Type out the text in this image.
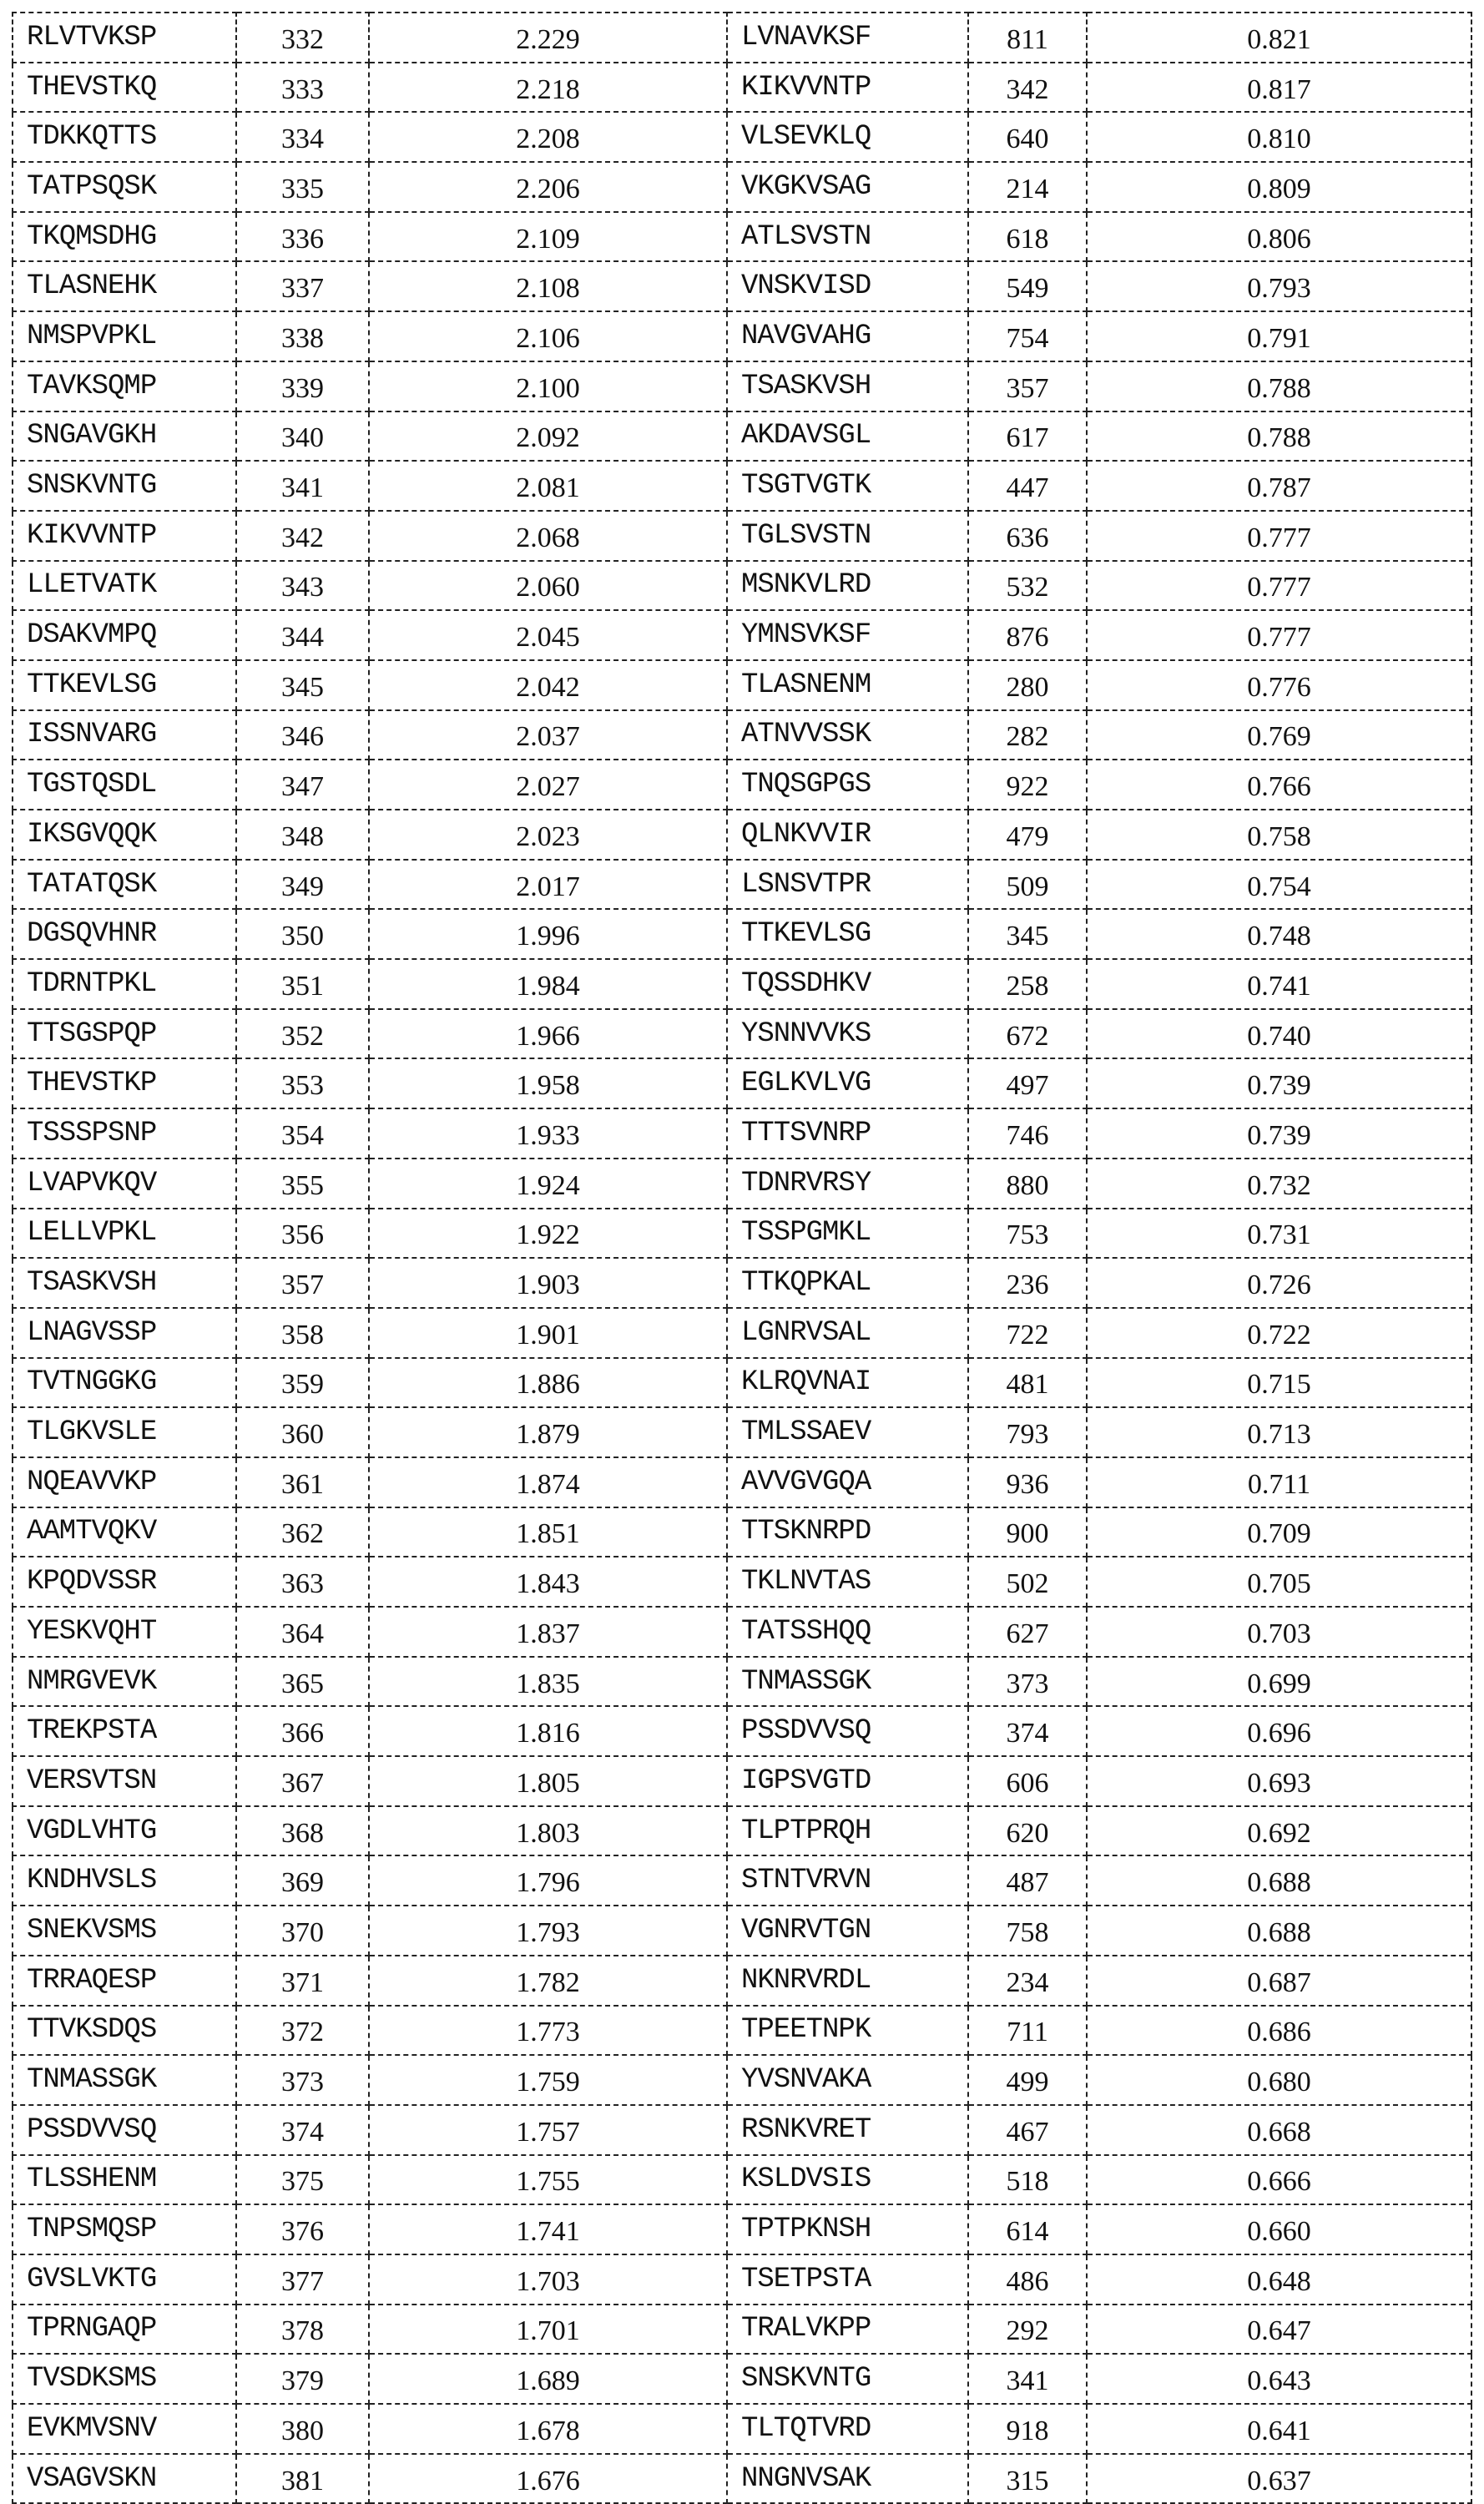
RLVTVKSP	332	2.229	LVNAVKSF	811	0.821
THEVSTKQ	333	2.218	KIKVVNTP	342	0.817
TDKKQTTS	334	2.208	VLSEVKLQ	640	0.810
TATPSQSK	335	2.206	VKGKVSAG	214	0.809
TKQMSDHG	336	2.109	ATLSVSTN	618	0.806
TLASNEHK	337	2.108	VNSKVISD	549	0.793
NMSPVPKL	338	2.106	NAVGVAHG	754	0.791
TAVKSQMP	339	2.100	TSASKVSH	357	0.788
SNGAVGKH	340	2.092	AKDAVSGL	617	0.788
SNSKVNTG	341	2.081	TSGTVGTK	447	0.787
KIKVVNTP	342	2.068	TGLSVSTN	636	0.777
LLETVATK	343	2.060	MSNKVLRD	532	0.777
DSAKVMPQ	344	2.045	YMNSVKSF	876	0.777
TTKEVLSG	345	2.042	TLASNENM	280	0.776
ISSNVARG	346	2.037	ATNVVSSK	282	0.769
TGSTQSDL	347	2.027	TNQSGPGS	922	0.766
IKSGVQQK	348	2.023	QLNKVVIR	479	0.758
TATATQSK	349	2.017	LSNSVTPR	509	0.754
DGSQVHNR	350	1.996	TTKEVLSG	345	0.748
TDRNTPKL	351	1.984	TQSSDHKV	258	0.741
TTSGSPQP	352	1.966	YSNNVVKS	672	0.740
THEVSTKP	353	1.958	EGLKVLVG	497	0.739
TSSSPSNP	354	1.933	TTTSVNRP	746	0.739
LVAPVKQV	355	1.924	TDNRVRSY	880	0.732
LELLVPKL	356	1.922	TSSPGMKL	753	0.731
TSASKVSH	357	1.903	TTKQPKAL	236	0.726
LNAGVSSP	358	1.901	LGNRVSAL	722	0.722
TVTNGGKG	359	1.886	KLRQVNAI	481	0.715
TLGKVSLE	360	1.879	TMLSSAEV	793	0.713
NQEAVVKP	361	1.874	AVVGVGQA	936	0.711
AAMTVQKV	362	1.851	TTSKNRPD	900	0.709
KPQDVSSR	363	1.843	TKLNVTAS	502	0.705
YESKVQHT	364	1.837	TATSSHQQ	627	0.703
NMRGVEVK	365	1.835	TNMASSGK	373	0.699
TREKPSTA	366	1.816	PSSDVVSQ	374	0.696
VERSVTSN	367	1.805	IGPSVGTD	606	0.693
VGDLVHTG	368	1.803	TLPTPRQH	620	0.692
KNDHVSLS	369	1.796	STNTVRVN	487	0.688
SNEKVSMS	370	1.793	VGNRVTGN	758	0.688
TRRAQESP	371	1.782	NKNRVRDL	234	0.687
TTVKSDQS	372	1.773	TPEETNPK	711	0.686
TNMASSGK	373	1.759	YVSNVAKA	499	0.680
PSSDVVSQ	374	1.757	RSNKVRET	467	0.668
TLSSHENM	375	1.755	KSLDVSIS	518	0.666
TNPSMQSP	376	1.741	TPTPKNSH	614	0.660
GVSLVKTG	377	1.703	TSETPSTA	486	0.648
TPRNGAQP	378	1.701	TRALVKPP	292	0.647
TVSDKSMS	379	1.689	SNSKVNTG	341	0.643
EVKMVSNV	380	1.678	TLTQTVRD	918	0.641
VSAGVSKN	381	1.676	NNGNVSAK	315	0.637
